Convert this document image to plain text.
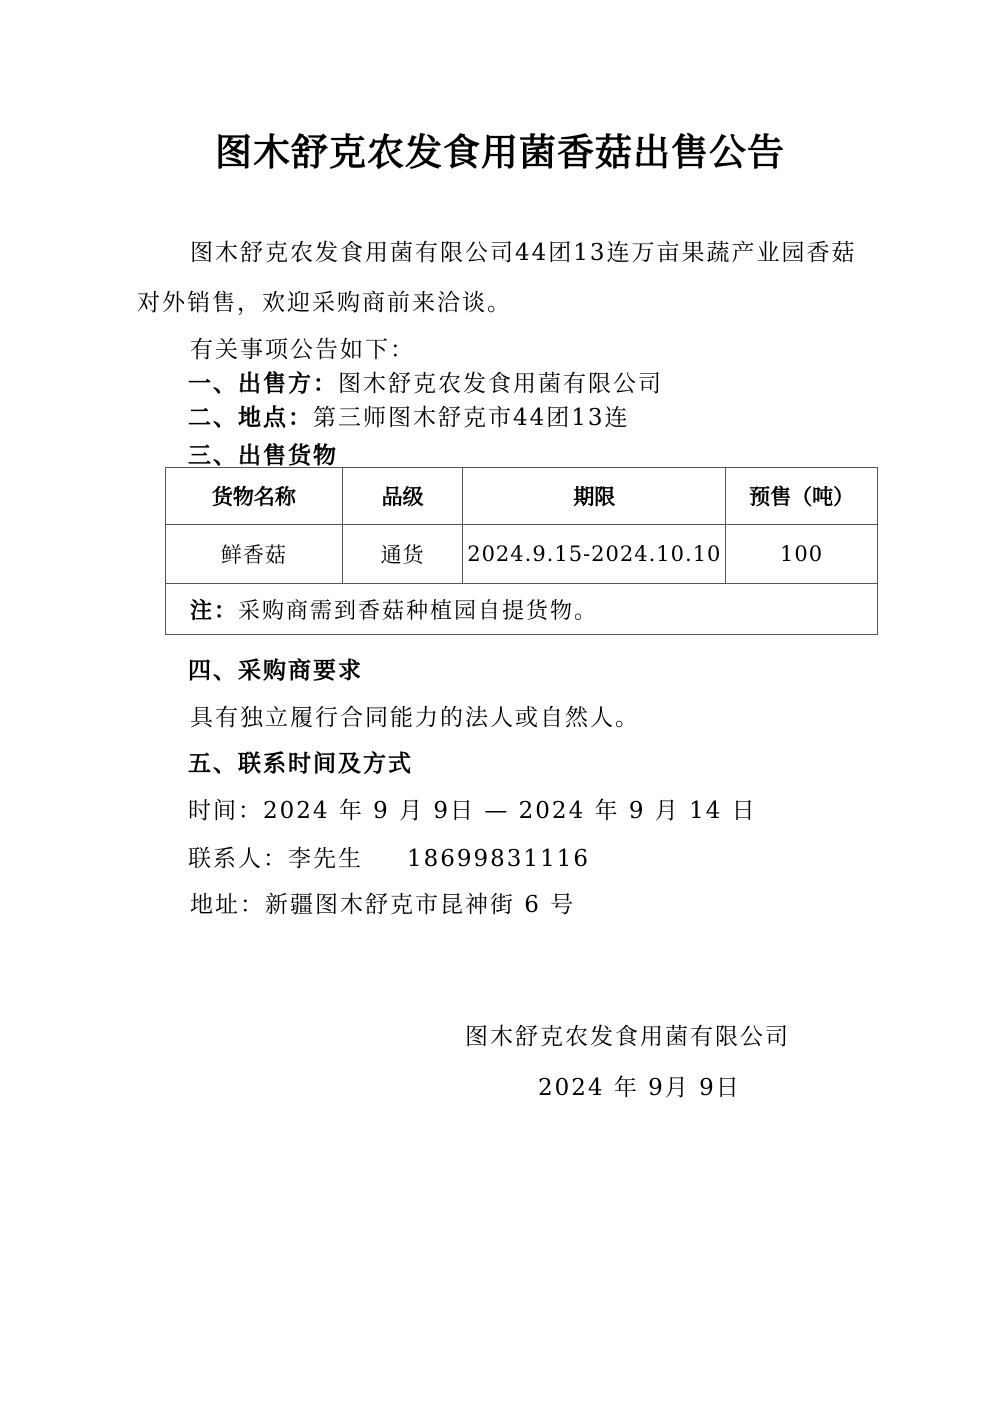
图木舒克农发食用菌香菇出售公告
图木舒克农发食用菌有限公司44团13连万亩果蔬产业园香菇
对外销售，欢迎采购商前来洽谈。
有关事项公告如下：
一、出售方：图木舒克农发食用菌有限公司
二、地点：第三师图木舒克市44团13连
三、出售货物
货物名称	品级	期限	预售（吨）
鲜香菇	通货	2024.9.15-2024.10.10	100
注：采购商需到香菇种植园自提货物。			
四、采购商要求
具有独立履行合同能力的法人或自然人。
五、联系时间及方式
时间：2024 年 9 月 9日 — 2024 年 9 月 14 日
联系人：李先生 18699831116
地址：新疆图木舒克市昆神街 6 号
图木舒克农发食用菌有限公司
2024 年 9月 9日
